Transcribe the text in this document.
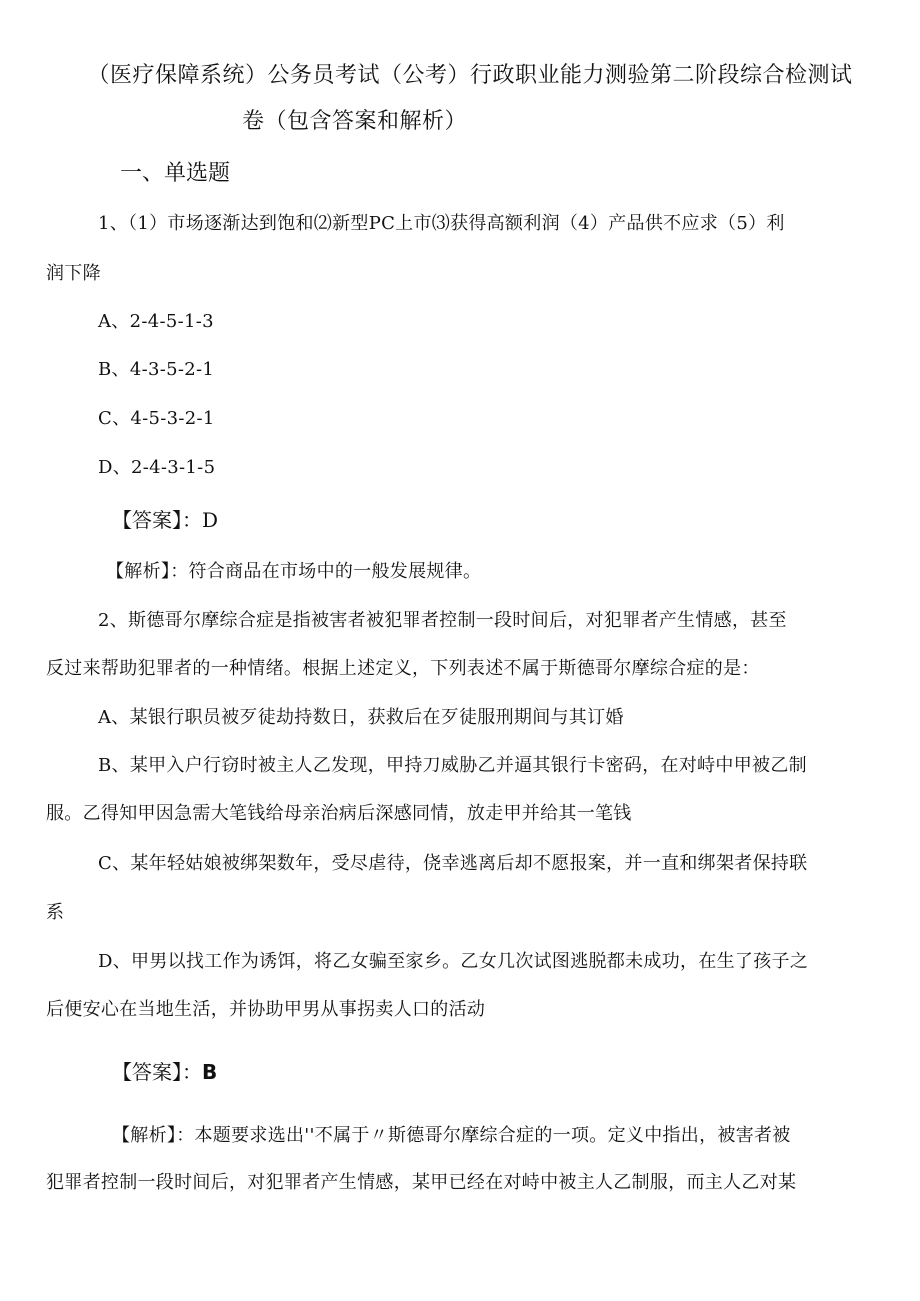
（医疗保障系统）公务员考试（公考）行政职业能力测验第二阶段综合检测试
卷（包含答案和解析）
一、单选题
1、（1）市场逐渐达到饱和⑵新型PC上市⑶获得高额利润（4）产品供不应求（5）利
润下降
A、2-4-5-1-3
B、4-3-5-2-1
C、4-5-3-2-1
D、2-4-3-1-5
【答案】：D
【解析】：符合商品在市场中的一般发展规律。
2、斯德哥尔摩综合症是指被害者被犯罪者控制一段时间后，对犯罪者产生情感，甚至
反过来帮助犯罪者的一种情绪。根据上述定义，下列表述不属于斯德哥尔摩综合症的是：
A、某银行职员被歹徒劫持数日，获救后在歹徒服刑期间与其订婚
B、某甲入户行窃时被主人乙发现，甲持刀威胁乙并逼其银行卡密码，在对峙中甲被乙制
服。乙得知甲因急需大笔钱给母亲治病后深感同情，放走甲并给其一笔钱
C、某年轻姑娘被绑架数年，受尽虐待，侥幸逃离后却不愿报案，并一直和绑架者保持联
系
D、甲男以找工作为诱饵，将乙女骗至家乡。乙女几次试图逃脱都未成功，在生了孩子之
后便安心在当地生活，并协助甲男从事拐卖人口的活动
【答案】：B
【解析】：本题要求选出''不属于〃斯德哥尔摩综合症的一项。定义中指出，被害者被
犯罪者控制一段时间后，对犯罪者产生情感，某甲已经在对峙中被主人乙制服，而主人乙对某
